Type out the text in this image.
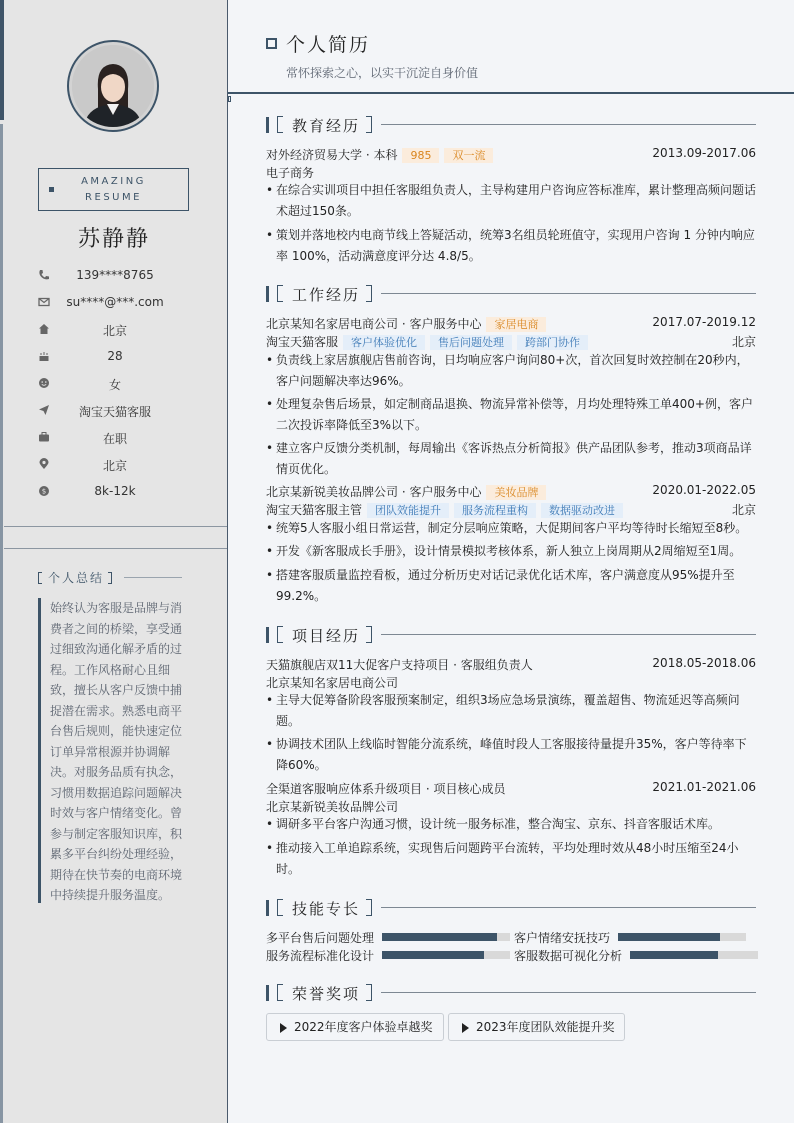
AMAZING
RESUME
苏静静
139****8765
su****@***.com
北京
28
女
淘宝天猫客服
在职
北京
$	8k-12k
个人总结
始终认为客服是品牌与消费者之间的桥梁，享受通过细致沟通化解矛盾的过程。工作风格耐心且细致，擅长从客户反馈中捕捉潜在需求。熟悉电商平台售后规则，能快速定位订单异常根源并协调解决。对服务品质有执念，习惯用数据追踪问题解决时效与客户情绪变化。曾参与制定客服知识库，积累多平台纠纷处理经验，期待在快节奏的电商环境中持续提升服务温度。
个人简历
常怀探索之心，以实干沉淀自身价值
教育经历
对外经济贸易大学 · 本科 985 双一流	2013.09-2017.06
电子商务
• 在综合实训项目中担任客服组负责人，主导构建用户咨询应答标准库，累计整理高频问题话术超过150条。
• 策划并落地校内电商节线上答疑活动，统筹3名组员轮班值守，实现用户咨询 1 分钟内响应率 100%，活动满意度评分达 4.8/5。
工作经历
北京某知名家居电商公司 · 客户服务中心 家居电商	2017.07-2019.12
淘宝天猫客服 客户体验优化 售后问题处理 跨部门协作	北京
• 负责线上家居旗舰店售前咨询，日均响应客户询问80+次，首次回复时效控制在20秒内，客户问题解决率达96%。
• 处理复杂售后场景，如定制商品退换、物流异常补偿等，月均处理特殊工单400+例，客户二次投诉率降低至3%以下。
• 建立客户反馈分类机制，每周输出《客诉热点分析简报》供产品团队参考，推动3项商品详情页优化。
北京某新锐美妆品牌公司 · 客户服务中心 美妆品牌	2020.01-2022.05
淘宝天猫客服主管 团队效能提升 服务流程重构 数据驱动改进	北京
• 统筹5人客服小组日常运营，制定分层响应策略，大促期间客户平均等待时长缩短至8秒。
• 开发《新客服成长手册》，设计情景模拟考核体系，新人独立上岗周期从2周缩短至1周。
• 搭建客服质量监控看板，通过分析历史对话记录优化话术库，客户满意度从95%提升至99.2%。
项目经历
天猫旗舰店双11大促客户支持项目 · 客服组负责人	2018.05-2018.06
北京某知名家居电商公司
• 主导大促筹备阶段客服预案制定，组织3场应急场景演练，覆盖超售、物流延迟等高频问题。
• 协调技术团队上线临时智能分流系统，峰值时段人工客服接待量提升35%，客户等待率下降60%。
全渠道客服响应体系升级项目 · 项目核心成员	2021.01-2021.06
北京某新锐美妆品牌公司
• 调研多平台客户沟通习惯，设计统一服务标准，整合淘宝、京东、抖音客服话术库。
• 推动接入工单追踪系统，实现售后问题跨平台流转，平均处理时效从48小时压缩至24小时。
技能专长
多平台售后问题处理	客户情绪安抚技巧
服务流程标准化设计	客服数据可视化分析
荣誉奖项
2022年度客户体验卓越奖	2023年度团队效能提升奖
